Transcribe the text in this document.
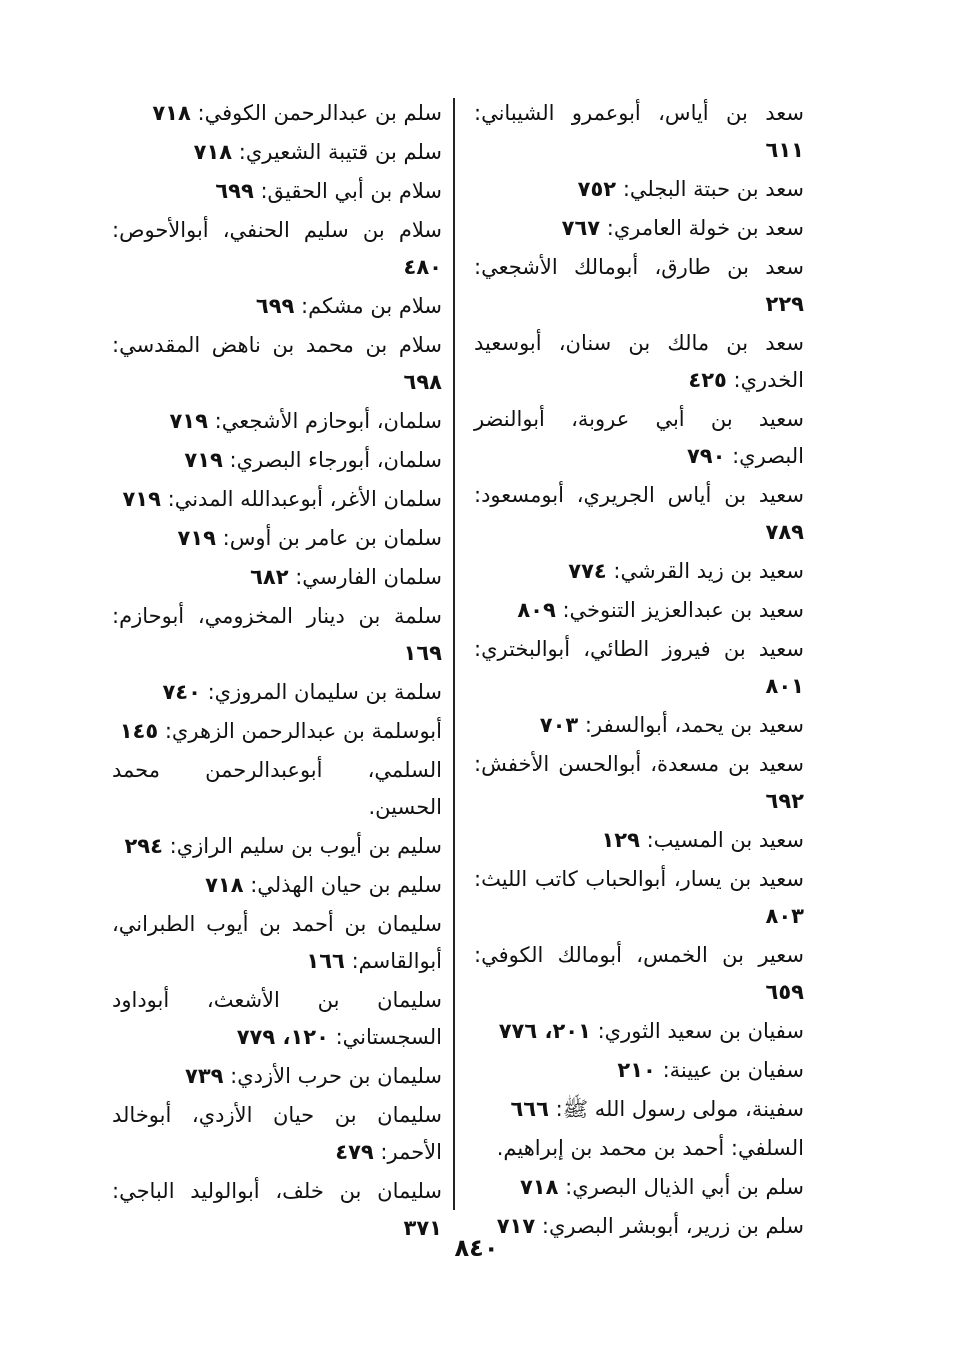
سعد بن أياس، أبوعمرو الشيباني: ٦١١
سعد بن حبتة البجلي: ٧٥٢
سعد بن خولة العامري: ٧٦٧
سعد بن طارق، أبومالك الأشجعي: ٢٢٩
سعد بن مالك بن سنان، أبوسعيد الخدري: ٤٢٥
سعيد بن أبي عروبة، أبوالنضر البصري: ٧٩٠
سعيد بن أياس الجريري، أبومسعود: ٧٨٩
سعيد بن زيد القرشي: ٧٧٤
سعيد بن عبدالعزيز التنوخي: ٨٠٩
سعيد بن فيروز الطائي، أبوالبختري: ٨٠١
سعيد بن يحمد، أبوالسفر: ٧٠٣
سعيد بن مسعدة، أبوالحسن الأخفش: ٦٩٢
سعيد بن المسيب: ١٢٩
سعيد بن يسار، أبوالحباب كاتب الليث: ٨٠٣
سعير بن الخمس، أبومالك الكوفي: ٦٥٩
سفيان بن سعيد الثوري: ٢٠١، ٧٧٦
سفيان بن عيينة: ٢١٠
سفينة، مولى رسول الله ﷺ: ٦٦٦
السلفي: أحمد بن محمد بن إبراهيم.
سلم بن أبي الذيال البصري: ٧١٨
سلم بن زرير، أبوبشر البصري: ٧١٧
سلم بن عبدالرحمن الكوفي: ٧١٨
سلم بن قتيبة الشعيري: ٧١٨
سلام بن أبي الحقيق: ٦٩٩
سلام بن سليم الحنفي، أبوالأحوص: ٤٨٠
سلام بن مشكم: ٦٩٩
سلام بن محمد بن ناهض المقدسي: ٦٩٨
سلمان، أبوحازم الأشجعي: ٧١٩
سلمان، أبورجاء البصري: ٧١٩
سلمان الأغر، أبوعبدالله المدني: ٧١٩
سلمان بن عامر بن أوس: ٧١٩
سلمان الفارسي: ٦٨٢
سلمة بن دينار المخزومي، أبوحازم: ١٦٩
سلمة بن سليمان المروزي: ٧٤٠
أبوسلمة بن عبدالرحمن الزهري: ١٤٥
السلمي، أبوعبدالرحمن محمد الحسين.
سليم بن أيوب بن سليم الرازي: ٢٩٤
سليم بن حيان الهذلي: ٧١٨
سليمان بن أحمد بن أيوب الطبراني، أبوالقاسم: ١٦٦
سليمان بن الأشعث، أبوداود السجستاني: ١٢٠، ٧٧٩
سليمان بن حرب الأزدي: ٧٣٩
سليمان بن حيان الأزدي، أبوخالد الأحمر: ٤٧٩
سليمان بن خلف، أبوالوليد الباجي: ٣٧١
٨٤٠
